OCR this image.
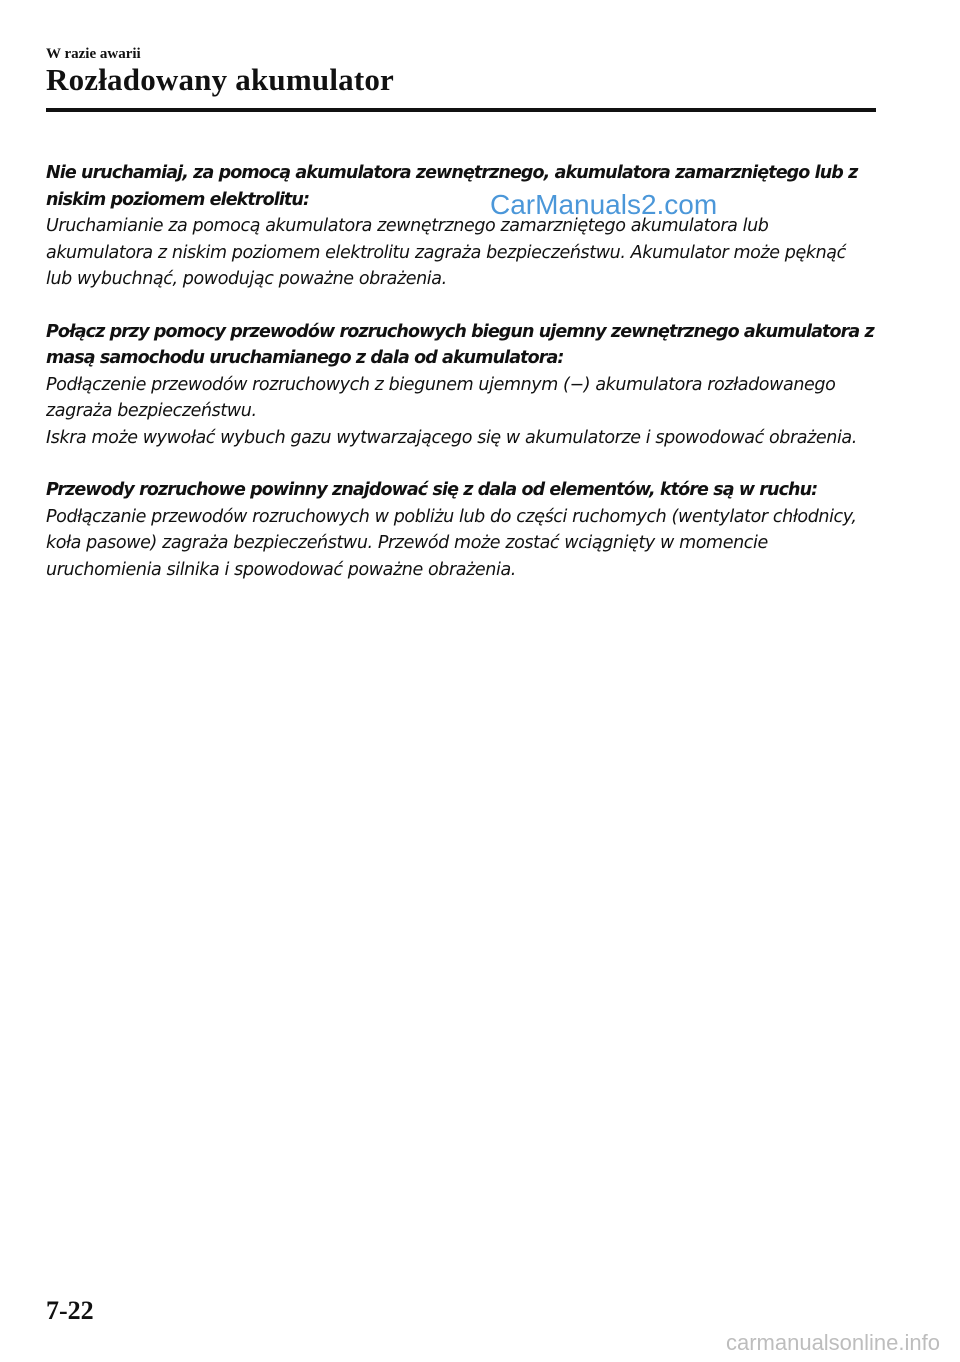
W razie awarii
Rozładowany akumulator

Nie uruchamiaj, za pomocą akumulatora zewnętrznego, akumulatora zamarzniętego lub z niskim poziomem elektrolitu:

Uruchamianie za pomocą akumulatora zewnętrznego zamarzniętego akumulatora lub akumulatora z niskim poziomem elektrolitu zagraża bezpieczeństwu. Akumulator może pęknąć lub wybuchnąć, powodując poważne obrażenia.

Połącz przy pomocy przewodów rozruchowych biegun ujemny zewnętrznego akumulatora z masą samochodu uruchamianego z dala od akumulatora:

Podłączenie przewodów rozruchowych z biegunem ujemnym (−) akumulatora rozładowanego zagraża bezpieczeństwu.

Iskra może wywołać wybuch gazu wytwarzającego się w akumulatorze i spowodować obrażenia.

Przewody rozruchowe powinny znajdować się z dala od elementów, które są w ruchu:

Podłączanie przewodów rozruchowych w pobliżu lub do części ruchomych (wentylator chłodnicy, koła pasowe) zagraża bezpieczeństwu. Przewód może zostać wciągnięty w momencie uruchomienia silnika i spowodować poważne obrażenia.

CarManuals2.com
7-22
carmanualsonline.info
